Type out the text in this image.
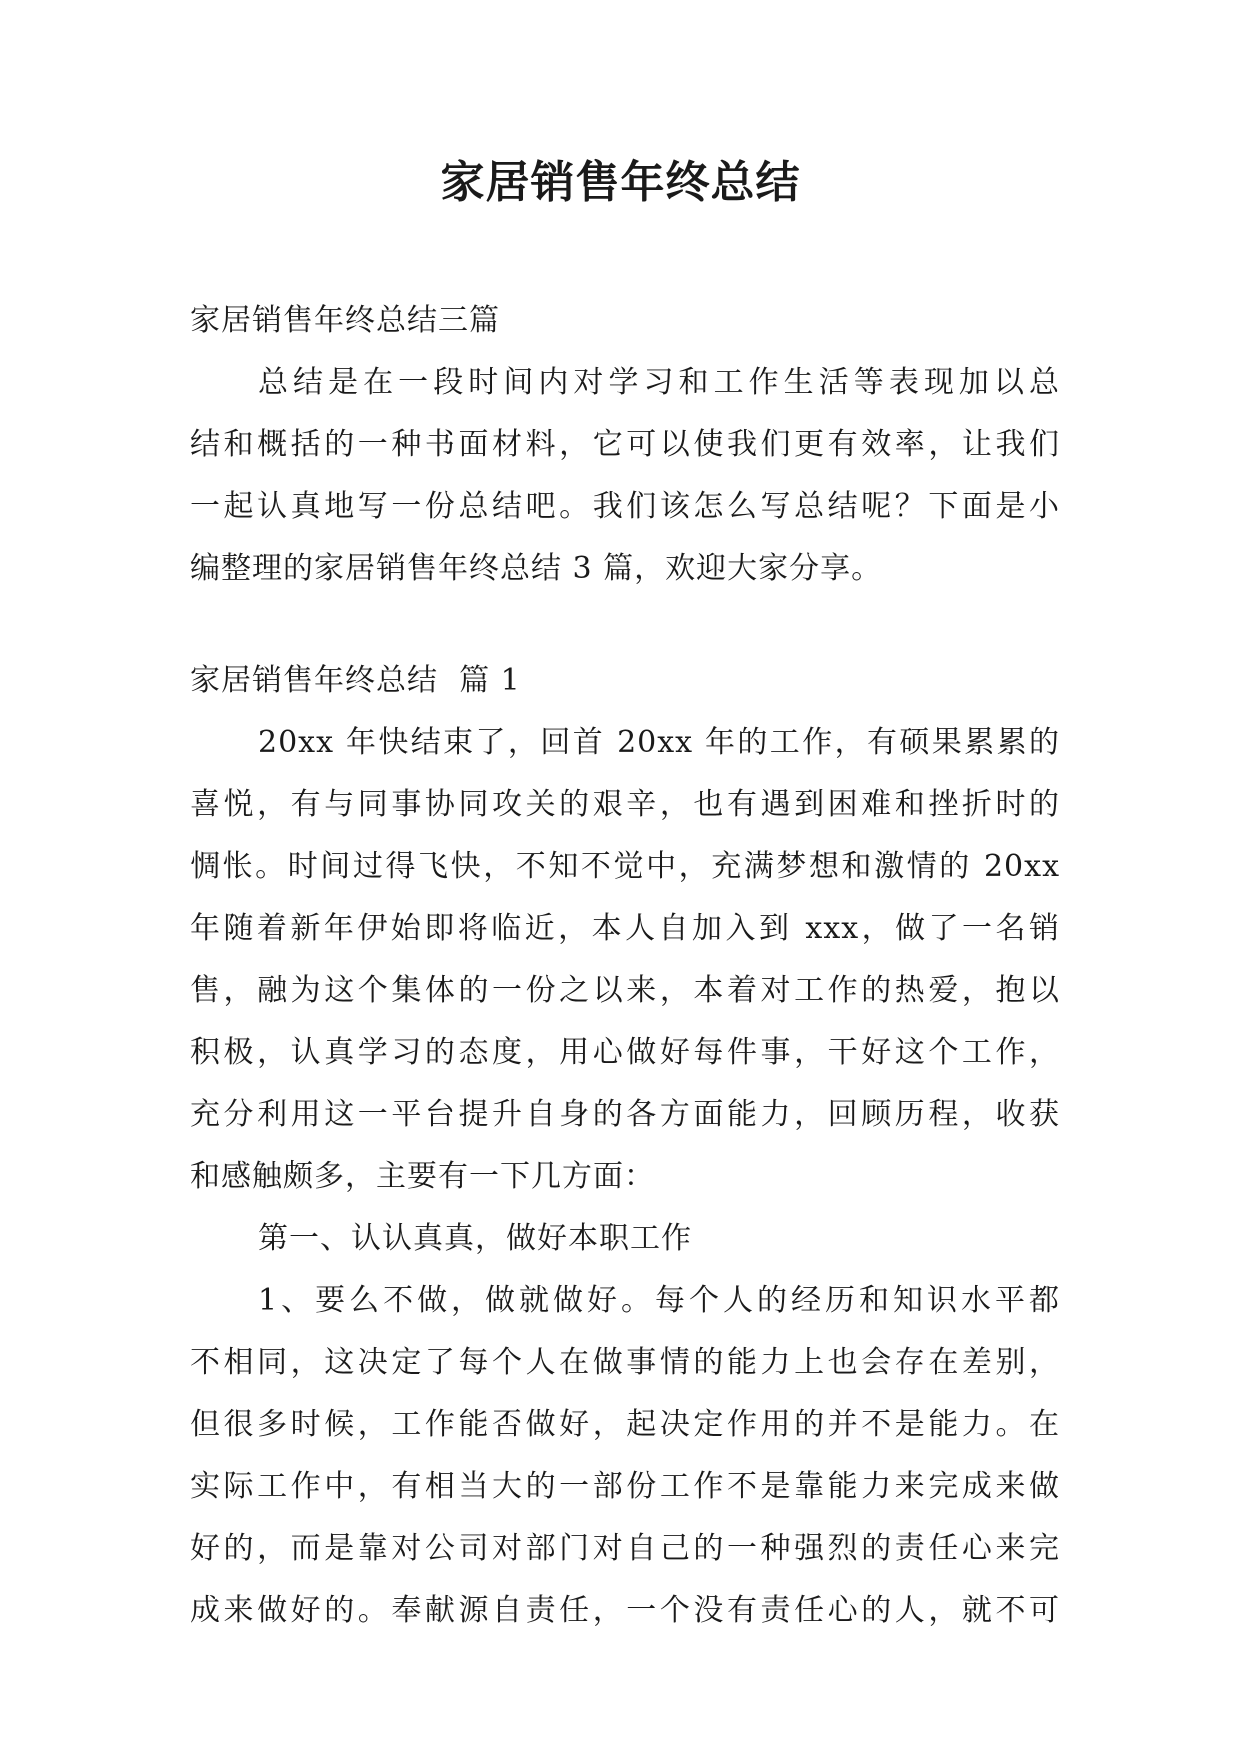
家居销售年终总结
家居销售年终总结三篇
总结是在一段时间内对学习和工作生活等表现加以总
结和概括的一种书面材料，它可以使我们更有效率，让我们
一起认真地写一份总结吧。我们该怎么写总结呢？下面是小
编整理的家居销售年终总结 3 篇，欢迎大家分享。
家居销售年终总结  篇 1
20xx 年快结束了，回首 20xx 年的工作，有硕果累累的
喜悦，有与同事协同攻关的艰辛，也有遇到困难和挫折时的
惆怅。时间过得飞快，不知不觉中，充满梦想和激情的 20xx
年随着新年伊始即将临近，本人自加入到 xxx，做了一名销
售，融为这个集体的一份之以来，本着对工作的热爱，抱以
积极，认真学习的态度，用心做好每件事，干好这个工作，
充分利用这一平台提升自身的各方面能力，回顾历程，收获
和感触颇多，主要有一下几方面：
第一、认认真真，做好本职工作
1、要么不做，做就做好。每个人的经历和知识水平都
不相同，这决定了每个人在做事情的能力上也会存在差别，
但很多时候，工作能否做好，起决定作用的并不是能力。在
实际工作中，有相当大的一部份工作不是靠能力来完成来做
好的，而是靠对公司对部门对自己的一种强烈的责任心来完
成来做好的。奉献源自责任，一个没有责任心的人，就不可
